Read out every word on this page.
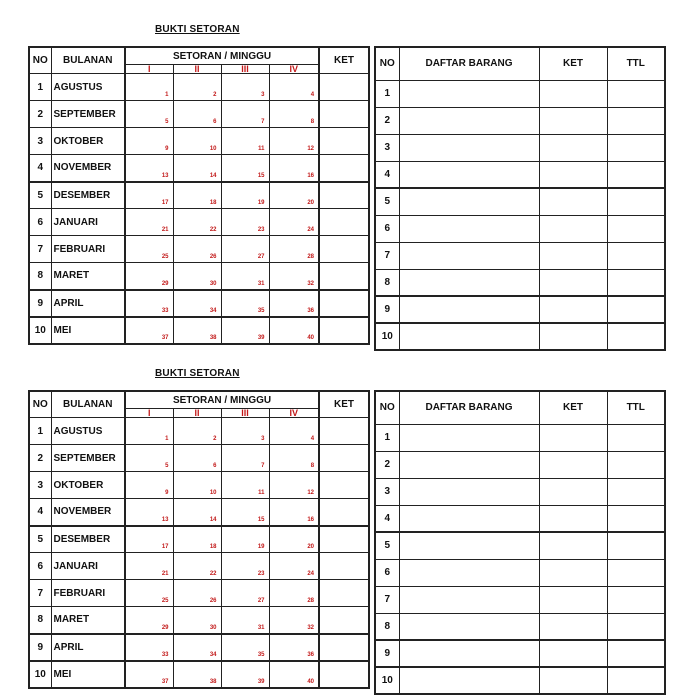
BUKTI SETORAN
NO	BULANAN	SETORAN / MINGGU				KET
		I	II	III	IV	
1	AGUSTUS	1	2	3	4	
2	SEPTEMBER	5	6	7	8	
3	OKTOBER	9	10	11	12	
4	NOVEMBER	13	14	15	16	
5	DESEMBER	17	18	19	20	
6	JANUARI	21	22	23	24	
7	FEBRUARI	25	26	27	28	
8	MARET	29	30	31	32	
9	APRIL	33	34	35	36	
10	MEI	37	38	39	40	
NO	DAFTAR BARANG	KET	TTL
1			
2			
3			
4			
5			
6			
7			
8			
9			
10			
BUKTI SETORAN
NO	BULANAN	SETORAN / MINGGU				KET
		I	II	III	IV	
1	AGUSTUS	1	2	3	4	
2	SEPTEMBER	5	6	7	8	
3	OKTOBER	9	10	11	12	
4	NOVEMBER	13	14	15	16	
5	DESEMBER	17	18	19	20	
6	JANUARI	21	22	23	24	
7	FEBRUARI	25	26	27	28	
8	MARET	29	30	31	32	
9	APRIL	33	34	35	36	
10	MEI	37	38	39	40	
NO	DAFTAR BARANG	KET	TTL
1			
2			
3			
4			
5			
6			
7			
8			
9			
10			
